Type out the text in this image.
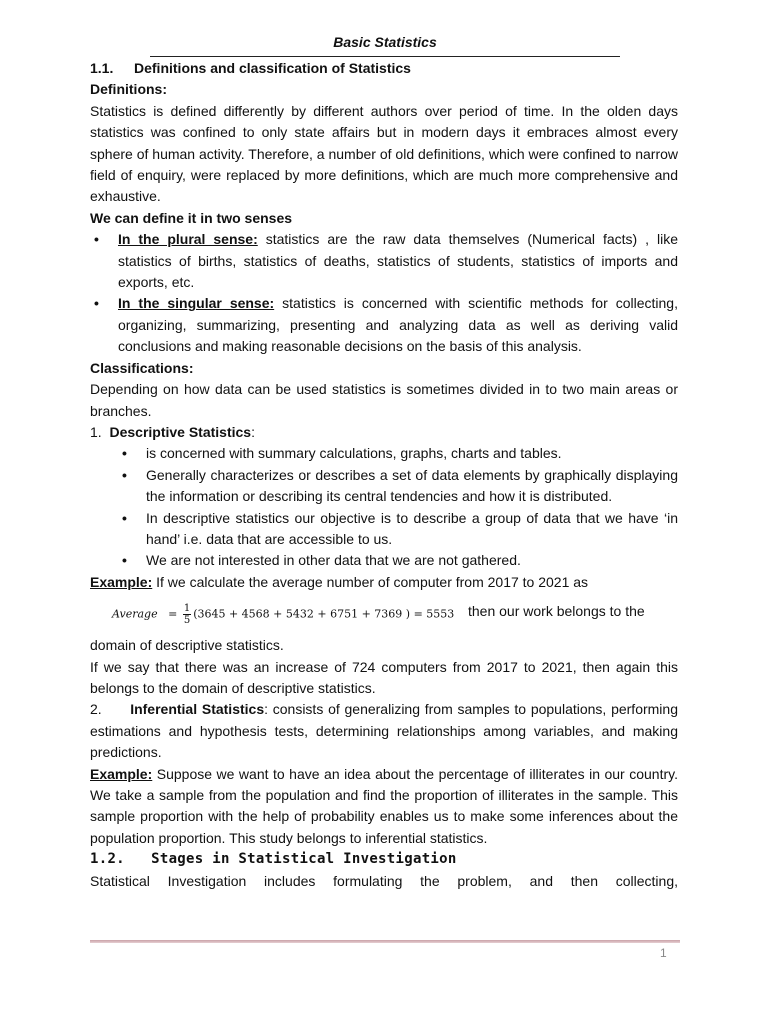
Basic Statistics

1.1. Definitions and classification of Statistics

Definitions:

Statistics is defined differently by different authors over period of time. In the olden days statistics was confined to only state affairs but in modern days it embraces almost every sphere of human activity. Therefore, a number of old definitions, which were confined to narrow field of enquiry, were replaced by more definitions, which are much more comprehensive and exhaustive.

We can define it in two senses

• In the plural sense: statistics are the raw data themselves (Numerical facts) , like statistics of births, statistics of deaths, statistics of students, statistics of imports and exports, etc.
• In the singular sense: statistics is concerned with scientific methods for collecting, organizing, summarizing, presenting and analyzing data as well as deriving valid conclusions and making reasonable decisions on the basis of this analysis.

Classifications:

Depending on how data can be used statistics is sometimes divided in to two main areas or branches.

1. Descriptive Statistics:

• is concerned with summary calculations, graphs, charts and tables.
• Generally characterizes or describes a set of data elements by graphically displaying the information or describing its central tendencies and how it is distributed.
• In descriptive statistics our objective is to describe a group of data that we have ‘in hand’ i.e. data that are accessible to us.
• We are not interested in other data that we are not gathered.

Example: If we calculate the average number of computer from 2017 to 2021 as

Average = $\frac{1}{5} (3645 + 4568 + 5432 + 6751 + 7369$ ) = 5553 then our work belongs to the

domain of descriptive statistics.

If we say that there was an increase of 724 computers from 2017 to 2021, then again this belongs to the domain of descriptive statistics.

2. Inferential Statistics: consists of generalizing from samples to populations, performing estimations and hypothesis tests, determining relationships among variables, and making predictions.

Example: Suppose we want to have an idea about the percentage of illiterates in our country. We take a sample from the population and find the proportion of illiterates in the sample. This sample proportion with the help of probability enables us to make some inferences about the population proportion. This study belongs to inferential statistics.

1.2. Stages in Statistical Investigation

Statistical Investigation includes formulating the problem, and then collecting,

1
